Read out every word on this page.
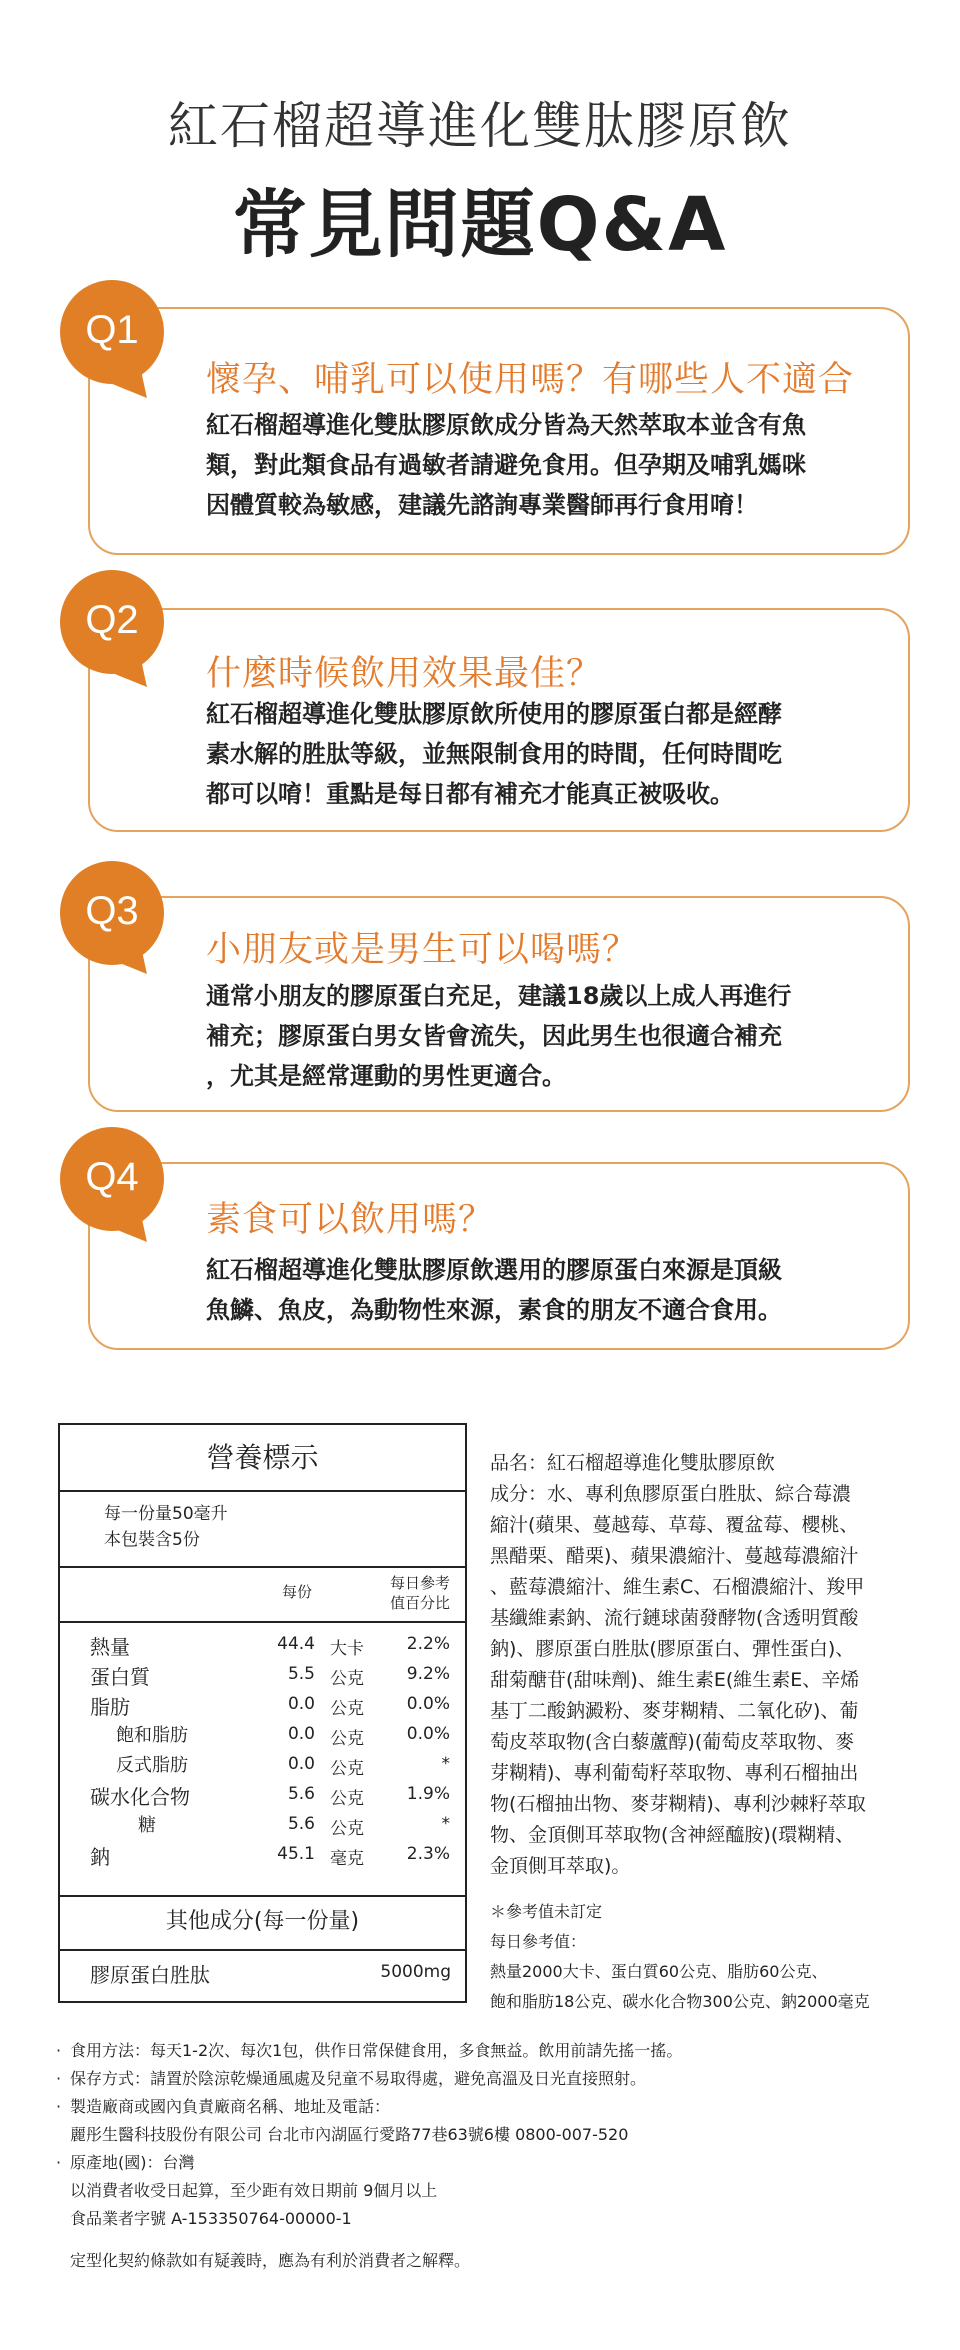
紅石榴超導進化雙肽膠原飲
常見問題Q&A
懷孕、哺乳可以使用嗎？有哪些人不適合
紅石榴超導進化雙肽膠原飲成分皆為天然萃取本並含有魚
類，對此類食品有過敏者請避免食用。但孕期及哺乳媽咪
因體質較為敏感，建議先諮詢專業醫師再行食用唷！
Q1
什麼時候飲用效果最佳？
紅石榴超導進化雙肽膠原飲所使用的膠原蛋白都是經酵
素水解的胜肽等級，並無限制食用的時間，任何時間吃
都可以唷！重點是每日都有補充才能真正被吸收。
Q2
小朋友或是男生可以喝嗎？
通常小朋友的膠原蛋白充足，建議18歲以上成人再進行
補充；膠原蛋白男女皆會流失，因此男生也很適合補充
，尤其是經常運動的男性更適合。
Q3
素食可以飲用嗎？
紅石榴超導進化雙肽膠原飲選用的膠原蛋白來源是頂級
魚鱗、魚皮，為動物性來源，素食的朋友不適合食用。
Q4
營養標示
每一份量50毫升
本包裝含5份
每份	每日參考
值百分比
熱量	44.4 大卡	2.2%
蛋白質	5.5 公克	9.2%
脂肪	0.0 公克	0.0%
飽和脂肪	0.0 公克	0.0%
反式脂肪	0.0 公克	*
碳水化合物	5.6 公克	1.9%
糖	5.6 公克	*
鈉	45.1 毫克	2.3%
其他成分(每一份量)
膠原蛋白胜肽	5000mg
品名：紅石榴超導進化雙肽膠原飲
成分：水、專利魚膠原蛋白胜肽、綜合莓濃
縮汁(蘋果、蔓越莓、草莓、覆盆莓、櫻桃、
黑醋栗、醋栗)、蘋果濃縮汁、蔓越莓濃縮汁
、藍莓濃縮汁、維生素C、石榴濃縮汁、羧甲
基纖維素鈉、流行鏈球菌發酵物(含透明質酸
鈉)、膠原蛋白胜肽(膠原蛋白、彈性蛋白)、
甜菊醣苷(甜味劑)、維生素E(維生素E、辛烯
基丁二酸鈉澱粉、麥芽糊精、二氧化矽)、葡
萄皮萃取物(含白藜蘆醇)(葡萄皮萃取物、麥
芽糊精)、專利葡萄籽萃取物、專利石榴抽出
物(石榴抽出物、麥芽糊精)、專利沙棘籽萃取
物、金頂側耳萃取物(含神經醯胺)(環糊精、
金頂側耳萃取)。
＊參考值未訂定
每日參考值：
熱量2000大卡、蛋白質60公克、脂肪60公克、
飽和脂肪18公克、碳水化合物300公克、鈉2000毫克
· 食用方法：每天1-2次、每次1包，供作日常保健食用，多食無益。飲用前請先搖一搖。
· 保存方式：請置於陰涼乾燥通風處及兒童不易取得處，避免高溫及日光直接照射。
· 製造廠商或國內負責廠商名稱、地址及電話：
麗彤生醫科技股份有限公司 台北市內湖區行愛路77巷63號6樓 0800-007-520
· 原產地(國)：台灣
以消費者收受日起算，至少距有效日期前 9個月以上
食品業者字號 A-153350764-00000-1
定型化契約條款如有疑義時，應為有利於消費者之解釋。
